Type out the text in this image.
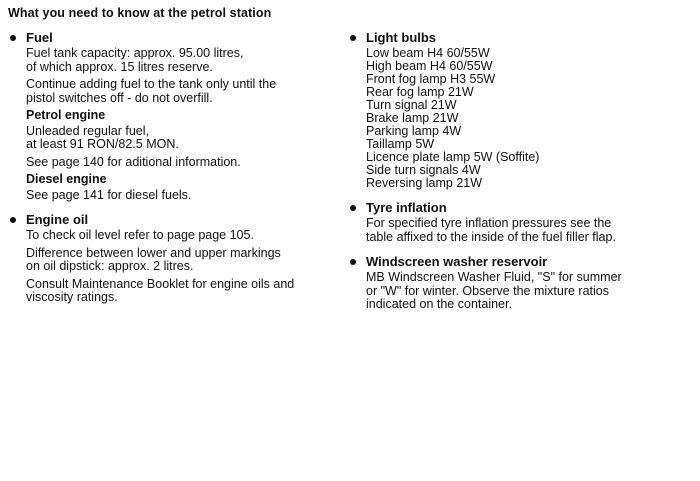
What you need to know at the petrol station
Fuel
Fuel tank capacity: approx. 95.00 litres,
of which approx. 15 litres reserve.
Continue adding fuel to the tank only until the
pistol switches off - do not overfill.
Petrol engine
Unleaded regular fuel,
at least 91 RON/82.5 MON.
See page 140 for aditional information.
Diesel engine
See page 141 for diesel fuels.
Engine oil
To check oil level refer to page page 105.
Difference between lower and upper markings
on oil dipstick: approx. 2 litres.
Consult Maintenance Booklet for engine oils and
viscosity ratings.
Light bulbs
Low beam H4 60/55W
High beam H4 60/55W
Front fog lamp H3 55W
Rear fog lamp 21W
Turn signal 21W
Brake lamp 21W
Parking lamp 4W
Taillamp 5W
Licence plate lamp 5W (Soffite)
Side turn signals 4W
Reversing lamp 21W
Tyre inflation
For specified tyre inflation pressures see the
table affixed to the inside of the fuel filler flap.
Windscreen washer reservoir
MB Windscreen Washer Fluid, "S" for summer
or "W" for winter. Observe the mixture ratios
indicated on the container.
